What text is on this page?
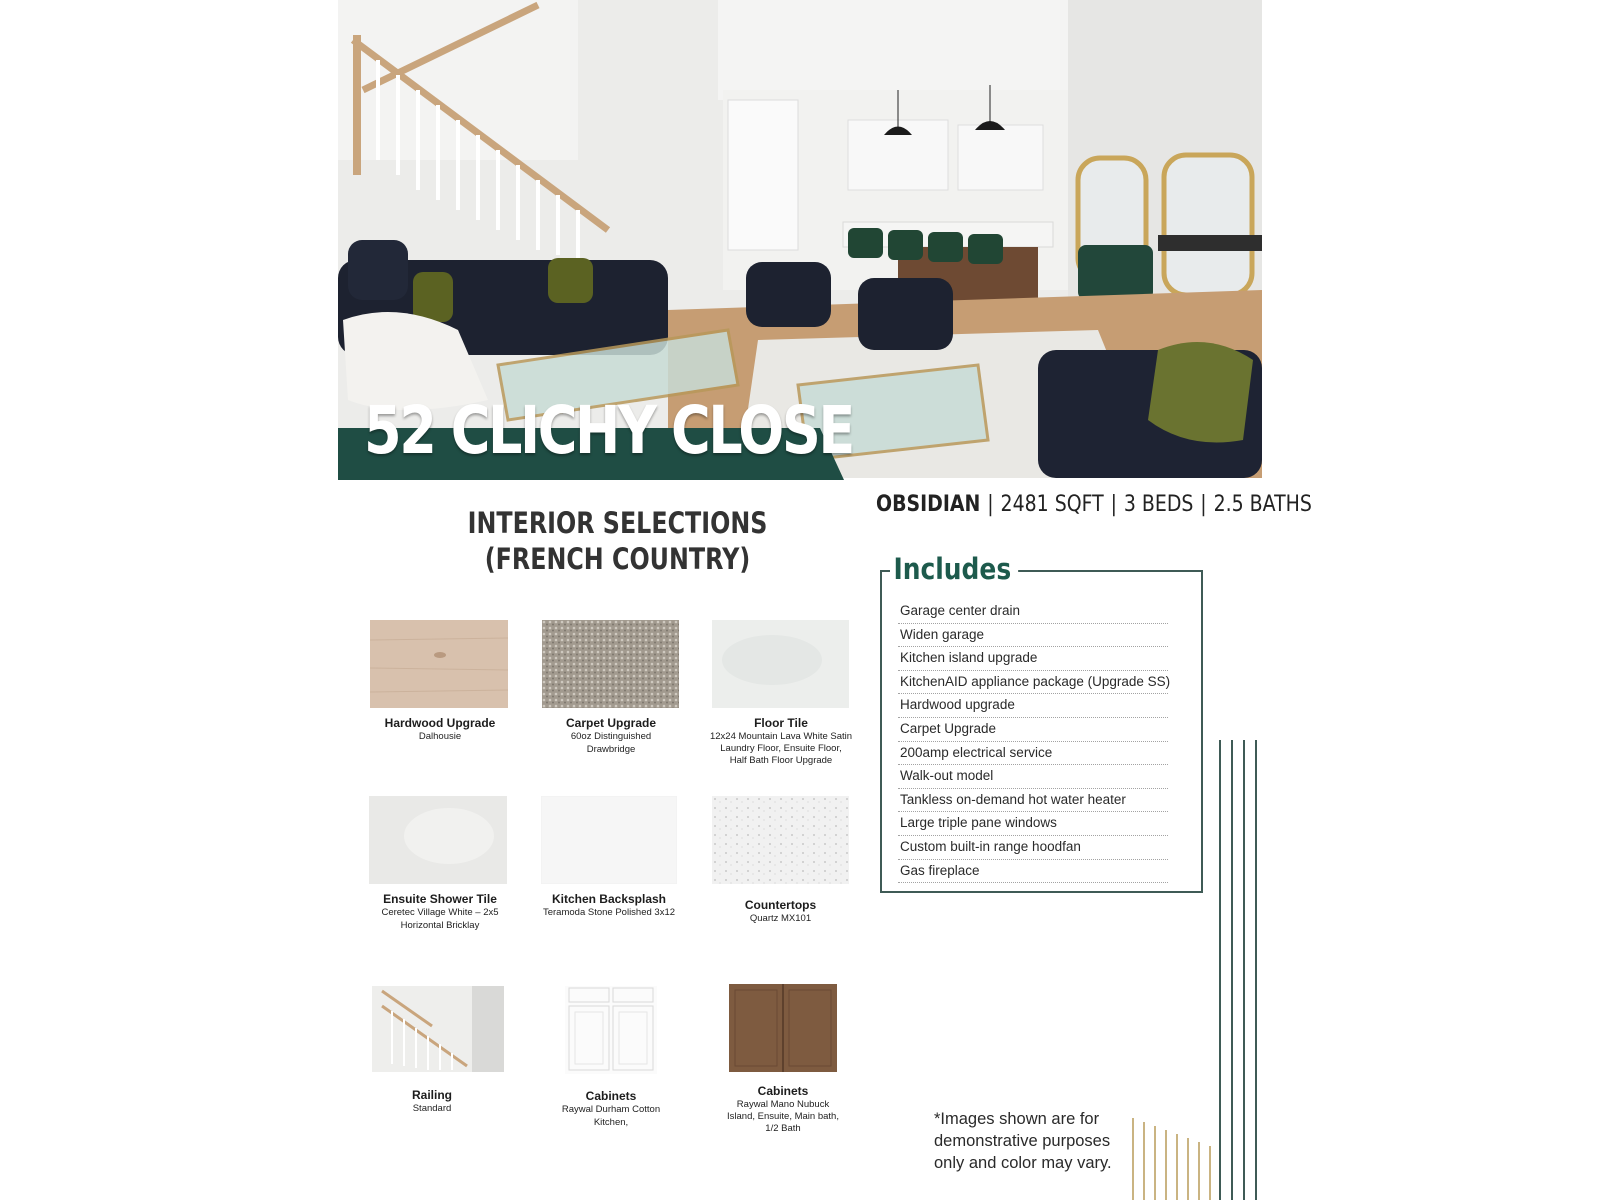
52 CLICHY CLOSE
OBSIDIAN | 2481 SQFT | 3 BEDS | 2.5 BATHS
INTERIOR SELECTIONS
(FRENCH COUNTRY)
Hardwood Upgrade
Dalhousie
Carpet Upgrade
60oz Distinguished
Drawbridge
Floor Tile
12x24 Mountain Lava White Satin
Laundry Floor, Ensuite Floor,
Half Bath Floor Upgrade
Ensuite Shower Tile
Ceretec Village White – 2x5
Horizontal Bricklay
Kitchen Backsplash
Teramoda Stone Polished 3x12
Countertops
Quartz MX101
Railing
Standard
Cabinets
Raywal Durham Cotton
Kitchen,
Cabinets
Raywal Mano Nubuck
Island, Ensuite, Main bath,
1/2 Bath
Includes
Garage center drain
Widen garage
Kitchen island upgrade
KitchenAID appliance package (Upgrade SS)
Hardwood upgrade
Carpet Upgrade
200amp electrical service
Walk-out model
Tankless on-demand hot water heater
Large triple pane windows
Custom built-in range hoodfan
Gas fireplace
*Images shown are for demonstrative purposes only and color may vary.
